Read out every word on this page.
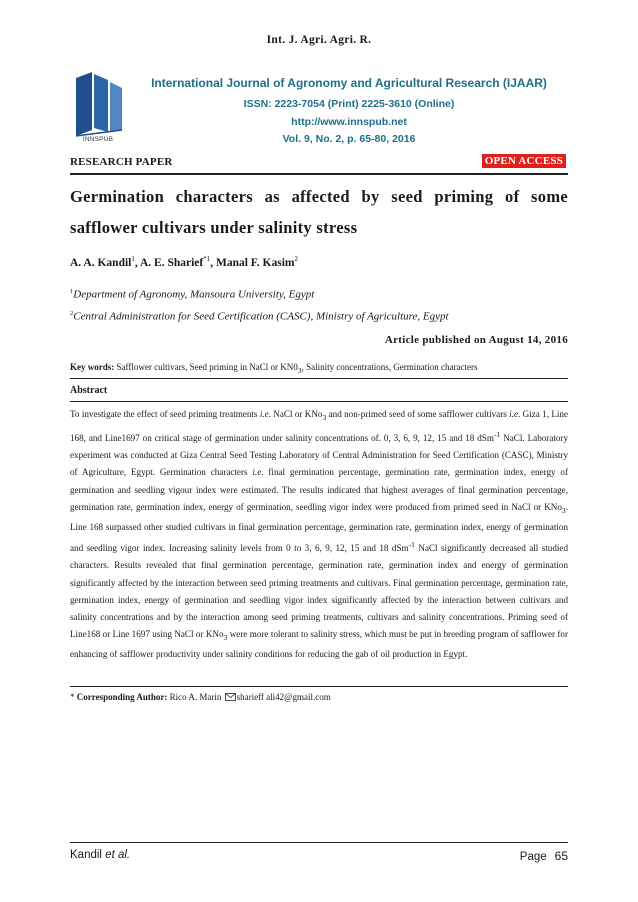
Int. J. Agri. Agri. R.
INNSPUB
International Journal of Agronomy and Agricultural Research (IJAAR)
ISSN: 2223-7054 (Print) 2225-3610 (Online)
http://www.innspub.net
Vol. 9, No. 2, p. 65-80, 2016
RESEARCH PAPER	OPEN ACCESS
Germination characters as affected by seed priming of some safflower cultivars under salinity stress
A. A. Kandil$^1$, A. E. Sharief$^{*1}$, Manal F. Kasim$^2$
$^1$Department of Agronomy, Mansoura University, Egypt
$^2$Central Administration for Seed Certification (CASC), Ministry of Agriculture, Egypt
Article published on August 14, 2016
Key words: Safflower cultivars, Seed priming in NaCl or $KN0_3$, Salinity concentrations, Germination characters
Abstract
To investigate the effect of seed priming treatments i.e. NaCl or KNo$_3$ and non-primed seed of some safflower cultivars i.e. Giza 1, Line 168, and Line1697 on critical stage of germination under salinity concentrations of. 0, 3, 6, 9, 12, 15 and 18 dSm$^{-1}$ NaCl. Laboratory experiment was conducted at Giza Central Seed Testing Laboratory of Central Administration for Seed Certification (CASC), Ministry of Agriculture, Egypt. Germination characters i.e. final germination percentage, germination rate, germination index, energy of germination and seedling vigour index were estimated. The results indicated that highest averages of final germination percentage, germination rate, germination index, energy of germination, seedling vigor index were produced from primed seed in NaCl or KNo$_3$. Line 168 surpassed other studied cultivars in final germination percentage, germination rate, germination index, energy of germination and seedling vigor index. Increasing salinity levels from 0 to 3, 6, 9, 12, 15 and 18 dSm$^{-1}$ NaCl significantly decreased all studied characters. Results revealed that final germination percentage, germination rate, germination index and energy of germination significantly affected by the interaction between seed priming treatments and cultivars. Final germination percentage, germination rate, germination index, energy of germination and seedling vigor index significantly affected by the interaction between cultivars and salinity concentrations and by the interaction among seed priming treatments, cultivars and salinity concentrations. Priming seed of Line168 or Line 1697 using NaCl or KNo$_3$ were more tolerant to salinity stress, which must be put in breeding program of safflower for enhancing of safflower productivity under salinity conditions for reducing the gab of oil production in Egypt.
* Corresponding Author: Rico A. Marin sharieff ali42@gmail.com
Kandil et al.	Page 65
